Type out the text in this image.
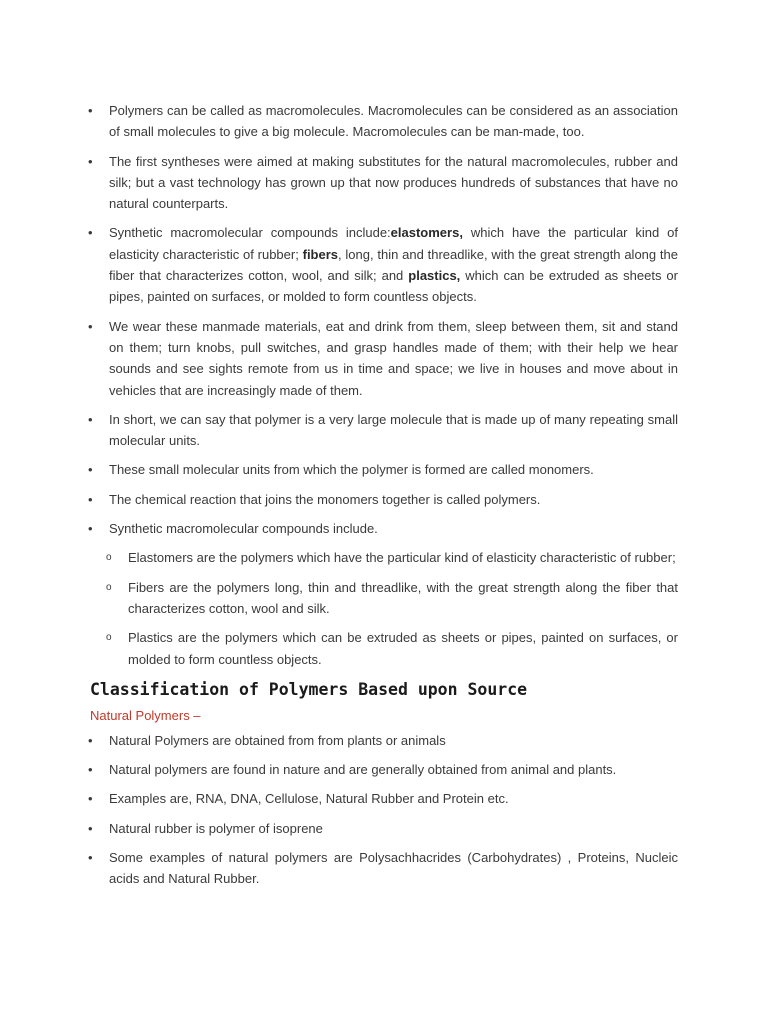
• Polymers can be called as macromolecules. Macromolecules can be considered as an association of small molecules to give a big molecule. Macromolecules can be man-made, too.
• The first syntheses were aimed at making substitutes for the natural macromolecules, rubber and silk; but a vast technology has grown up that now produces hundreds of substances that have no natural counterparts.
• Synthetic macromolecular compounds include:elastomers, which have the particular kind of elasticity characteristic of rubber; fibers, long, thin and threadlike, with the great strength along the fiber that characterizes cotton, wool, and silk; and plastics, which can be extruded as sheets or pipes, painted on surfaces, or molded to form countless objects.
• We wear these manmade materials, eat and drink from them, sleep between them, sit and stand on them; turn knobs, pull switches, and grasp handles made of them; with their help we hear sounds and see sights remote from us in time and space; we live in houses and move about in vehicles that are increasingly made of them.
• In short, we can say that polymer is a very large molecule that is made up of many repeating small molecular units.
• These small molecular units from which the polymer is formed are called monomers.
• The chemical reaction that joins the monomers together is called polymers.
• Synthetic macromolecular compounds include.
o Elastomers are the polymers which have the particular kind of elasticity characteristic of rubber;
o Fibers are the polymers long, thin and threadlike, with the great strength along the fiber that characterizes cotton, wool and silk.
o Plastics are the polymers which can be extruded as sheets or pipes, painted on surfaces, or molded to form countless objects.
Classification of Polymers Based upon Source
Natural Polymers –
• Natural Polymers are obtained from from plants or animals
• Natural polymers are found in nature and are generally obtained from animal and plants.
• Examples are, RNA, DNA, Cellulose, Natural Rubber and Protein etc.
• Natural rubber is polymer of isoprene
• Some examples of natural polymers are Polysachhacrides (Carbohydrates) , Proteins, Nucleic acids and Natural Rubber.
